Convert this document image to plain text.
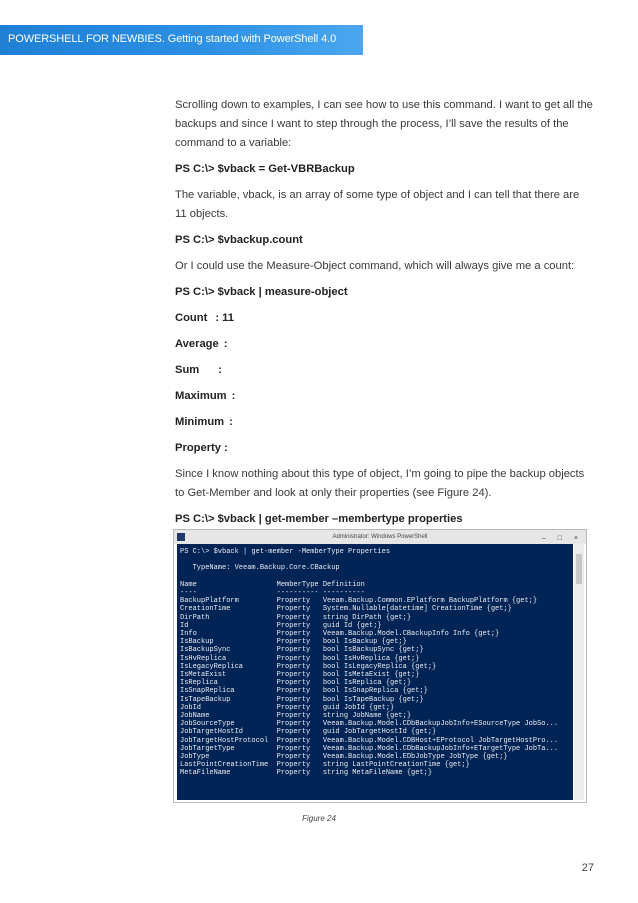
POWERSHELL FOR NEWBIES. Getting started with PowerShell 4.0

Scrolling down to examples, I can see how to use this command. I want to get all the backups and since I want to step through the process, I’ll save the results of the command to a variable:

PS C:\> $vback = Get-VBRBackup

The variable, vback, is an array of some type of object and I can tell that there are 11 objects.

PS C:\> $vbackup.count

Or I could use the Measure-Object command, which will always give me a count:

PS C:\> $vback | measure-object

Count : 11

Average :

Sum :

Maximum :

Minimum :

Property :

Since I know nothing about this type of object, I’m going to pipe the backup objects to Get-Member and look at only their properties (see Figure 24).

PS C:\> $vback | get-member –membertype properties

Administrator: Windows PowerShell	– □ ×
PS C:\> $vback | get-member -MemberType Properties

TypeName: Veeam.Backup.Core.CBackup

Name                   MemberType Definition
----                   ---------- ----------
BackupPlatform         Property   Veeam.Backup.Common.EPlatform BackupPlatform {get;}
CreationTime           Property   System.Nullable[datetime] CreationTime {get;}
DirPath                Property   string DirPath {get;}
Id                     Property   guid Id {get;}
Info                   Property   Veeam.Backup.Model.CBackupInfo Info {get;}
IsBackup               Property   bool IsBackup {get;}
IsBackupSync           Property   bool IsBackupSync {get;}
IsHvReplica            Property   bool IsHvReplica {get;}
IsLegacyReplica        Property   bool IsLegacyReplica {get;}
IsMetaExist            Property   bool IsMetaExist {get;}
IsReplica              Property   bool IsReplica {get;}
IsSnapReplica          Property   bool IsSnapReplica {get;}
IsTapeBackup           Property   bool IsTapeBackup {get;}
JobId                  Property   guid JobId {get;}
JobName                Property   string JobName {get;}
JobSourceType          Property   Veeam.Backup.Model.CDbBackupJobInfo+ESourceType JobSo...
JobTargetHostId        Property   guid JobTargetHostId {get;}
JobTargetHostProtocol  Property   Veeam.Backup.Model.CDBHost+EProtocol JobTargetHostPro...
JobTargetType          Property   Veeam.Backup.Model.CDbBackupJobInfo+ETargetType JobTa...
JobType                Property   Veeam.Backup.Model.EDbJobType JobType {get;}
LastPointCreationTime  Property   string LastPointCreationTime {get;}
MetaFileName           Property   string MetaFileName {get;}

Figure 24
27
